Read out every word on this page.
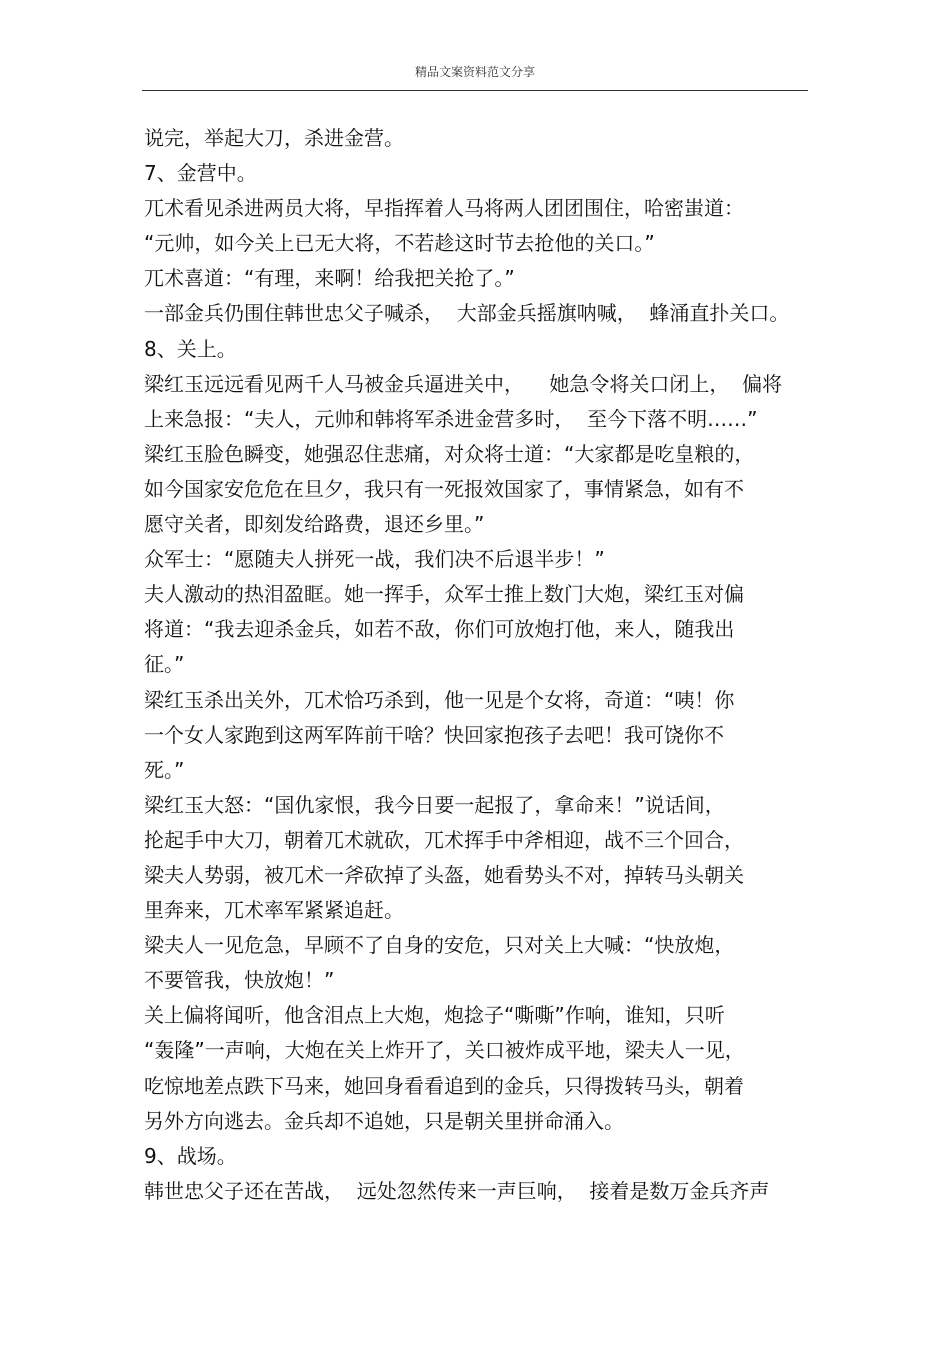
精品文案资料范文分享
说完，举起大刀，杀进金营。
7、金营中。
兀术看见杀进两员大将，早指挥着人马将两人团团围住，哈密蚩道：
“元帅，如今关上已无大将，不若趁这时节去抢他的关口。”
兀术喜道：“有理，来啊！给我把关抢了。”
一部金兵仍围住韩世忠父子喊杀，  大部金兵摇旗呐喊，  蜂涌直扑关口。
8、关上。
梁红玉远远看见两千人马被金兵逼进关中，    她急令将关口闭上，  偏将
上来急报：“夫人，元帅和韩将军杀进金营多时，  至今下落不明……”
梁红玉脸色瞬变，她强忍住悲痛，对众将士道：“大家都是吃皇粮的，
如今国家安危危在旦夕，我只有一死报效国家了，事情紧急，如有不
愿守关者，即刻发给路费，退还乡里。”
众军士：“愿随夫人拼死一战，我们决不后退半步！”
夫人激动的热泪盈眶。她一挥手，众军士推上数门大炮，梁红玉对偏
将道：“我去迎杀金兵，如若不敌，你们可放炮打他，来人，随我出
征。”
梁红玉杀出关外，兀术恰巧杀到，他一见是个女将，奇道：“咦！你
一个女人家跑到这两军阵前干啥？快回家抱孩子去吧！我可饶你不
死。”
梁红玉大怒：“国仇家恨，我今日要一起报了，拿命来！”说话间，
抡起手中大刀，朝着兀术就砍，兀术挥手中斧相迎，战不三个回合，
梁夫人势弱，被兀术一斧砍掉了头盔，她看势头不对，掉转马头朝关
里奔来，兀术率军紧紧追赶。
梁夫人一见危急，早顾不了自身的安危，只对关上大喊：“快放炮，
不要管我，快放炮！”
关上偏将闻听，他含泪点上大炮，炮捻子“嘶嘶”作响，谁知，只听
“轰隆”一声响，大炮在关上炸开了，关口被炸成平地，梁夫人一见，
吃惊地差点跌下马来，她回身看看追到的金兵，只得拨转马头，朝着
另外方向逃去。金兵却不追她，只是朝关里拼命涌入。
9、战场。
韩世忠父子还在苦战，  远处忽然传来一声巨响，  接着是数万金兵齐声
